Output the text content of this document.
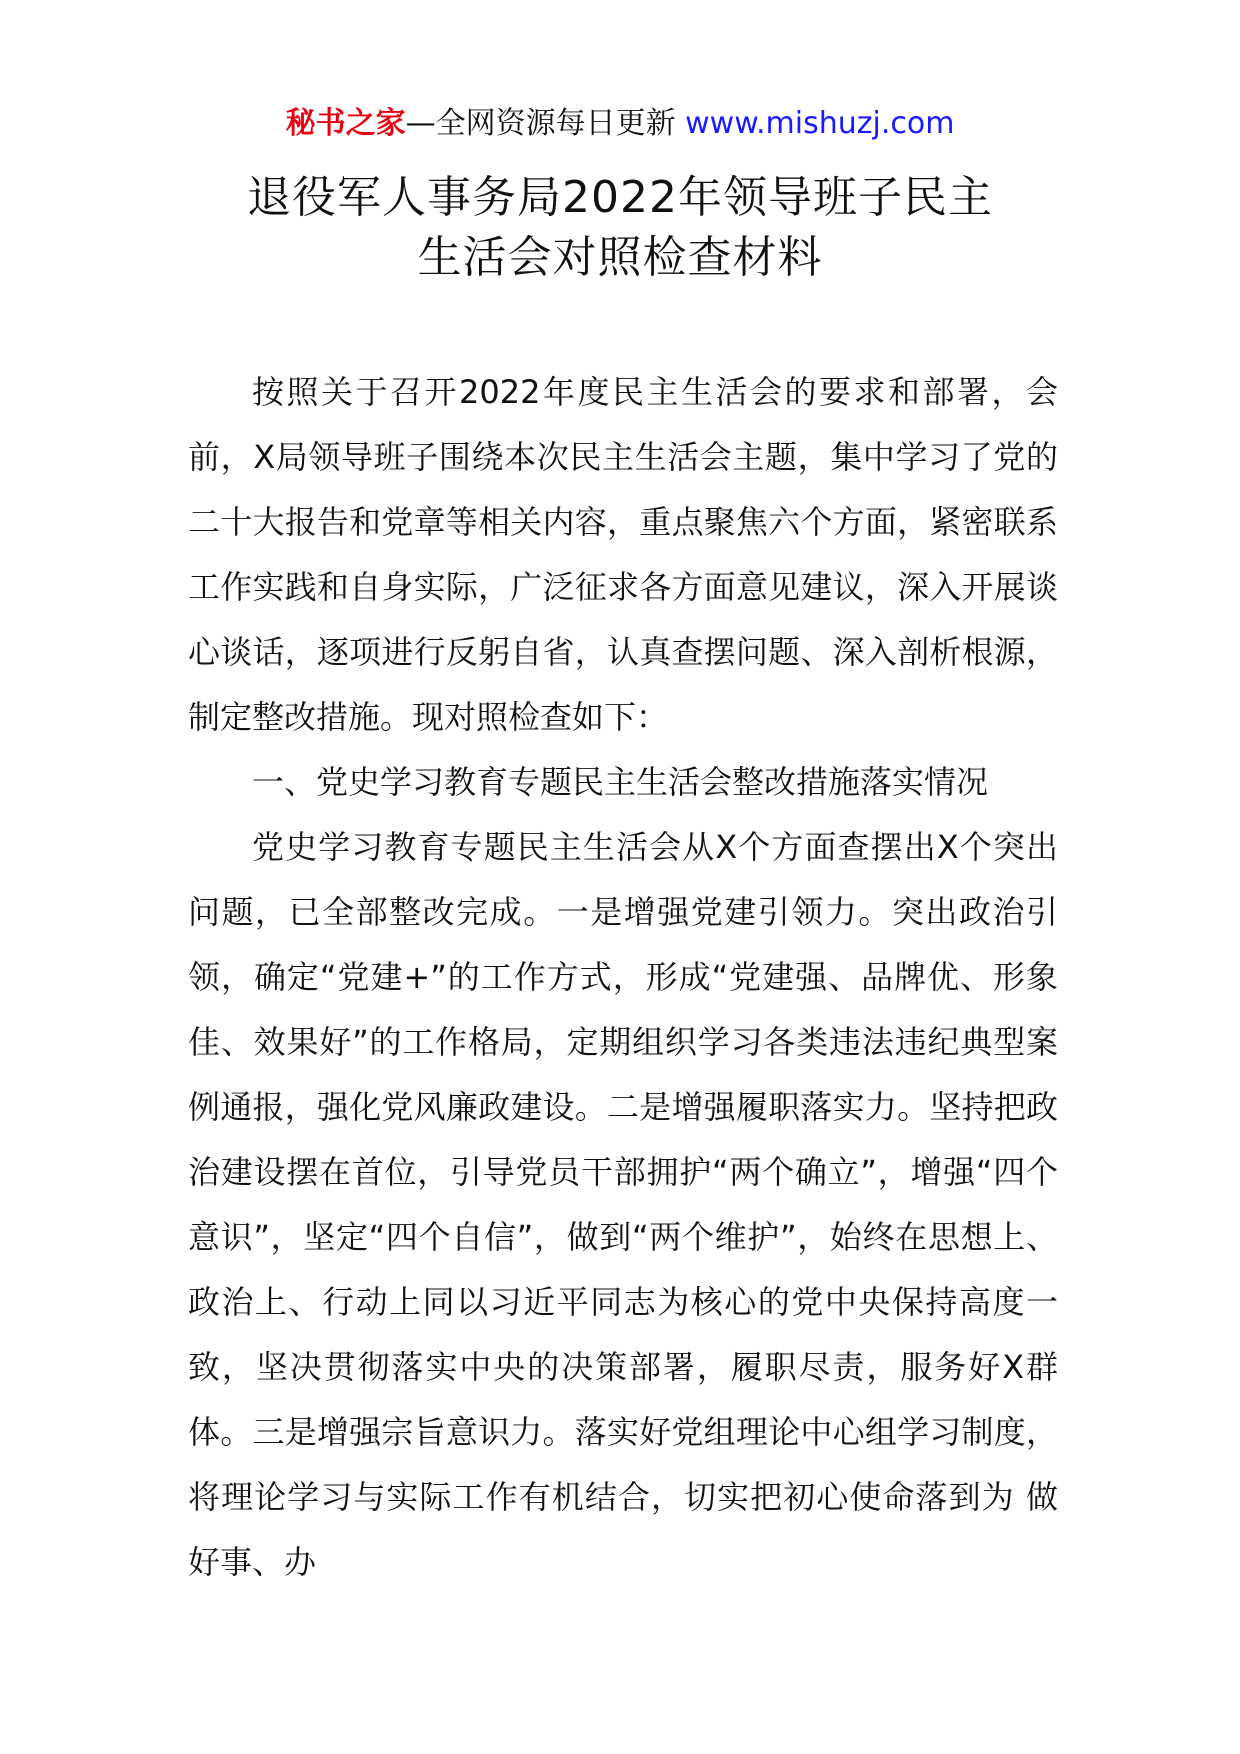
秘书之家—全网资源每日更新 www.mishuzj.com
退役军人事务局2022年领导班子民主
生活会对照检查材料

按照关于召开2022年度民主生活会的要求和部署，会前，X局领导班子围绕本次民主生活会主题，集中学习了党的二十大报告和党章等相关内容，重点聚焦六个方面，紧密联系工作实践和自身实际，广泛征求各方面意见建议，深入开展谈心谈话，逐项进行反躬自省，认真查摆问题、深入剖析根源，制定整改措施。现对照检查如下：

一、党史学习教育专题民主生活会整改措施落实情况

党史学习教育专题民主生活会从X个方面查摆出X个突出问题，已全部整改完成。一是增强党建引领力。突出政治引领，确定“党建+”的工作方式，形成“党建强、品牌优、形象佳、效果好”的工作格局，定期组织学习各类违法违纪典型案例通报，强化党风廉政建设。二是增强履职落实力。坚持把政治建设摆在首位，引导党员干部拥护“两个确立”，增强“四个意识”，坚定“四个自信”，做到“两个维护”，始终在思想上、政治上、行动上同以习近平同志为核心的党中央保持高度一致，坚决贯彻落实中央的决策部署，履职尽责，服务好X群体。三是增强宗旨意识力。落实好党组理论中心组学习制度，将理论学习与实际工作有机结合，切实把初心使命落到为 做好事、办
